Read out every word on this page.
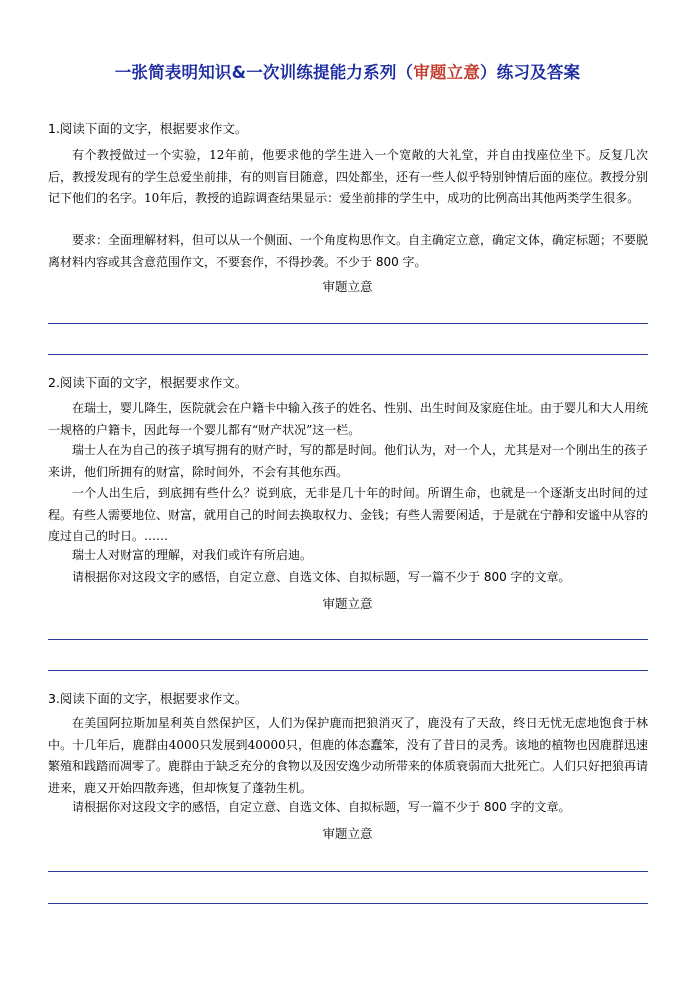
一张简表明知识&一次训练提能力系列（审题立意）练习及答案
1.阅读下面的文字，根据要求作文。

有个教授做过一个实验，12年前，他要求他的学生进入一个宽敞的大礼堂，并自由找座位坐下。反复几次后，教授发现有的学生总爱坐前排，有的则盲目随意，四处都坐，还有一些人似乎特别钟情后面的座位。教授分别记下他们的名字。10年后，教授的追踪调查结果显示：爱坐前排的学生中，成功的比例高出其他两类学生很多。

要求：全面理解材料，但可以从一个侧面、一个角度构思作文。自主确定立意，确定文体，确定标题；不要脱离材料内容或其含意范围作文，不要套作，不得抄袭。不少于 800 字。

审题立意
2.阅读下面的文字，根据要求作文。

在瑞士，婴儿降生，医院就会在户籍卡中输入孩子的姓名、性别、出生时间及家庭住址。由于婴儿和大人用统一规格的户籍卡，因此每一个婴儿都有“财产状况”这一栏。

瑞士人在为自己的孩子填写拥有的财产时，写的都是时间。他们认为，对一个人，尤其是对一个刚出生的孩子来讲，他们所拥有的财富，除时间外，不会有其他东西。

一个人出生后，到底拥有些什么？说到底，无非是几十年的时间。所谓生命，也就是一个逐渐支出时间的过程。有些人需要地位、财富，就用自己的时间去换取权力、金钱；有些人需要闲适，于是就在宁静和安谧中从容的度过自己的时日。……

瑞士人对财富的理解，对我们或许有所启迪。

请根据你对这段文字的感悟，自定立意、自选文体、自拟标题，写一篇不少于 800 字的文章。

审题立意
3.阅读下面的文字，根据要求作文。

在美国阿拉斯加星利英自然保护区，人们为保护鹿而把狼消灭了，鹿没有了天敌，终日无忧无虑地饱食于林中。十几年后，鹿群由4000只发展到40000只，但鹿的体态蠢笨，没有了昔日的灵秀。该地的植物也因鹿群迅速繁殖和践踏而凋零了。鹿群由于缺乏充分的食物以及因安逸少动所带来的体质衰弱而大批死亡。人们只好把狼再请进来，鹿又开始四散奔逃，但却恢复了蓬勃生机。

请根据你对这段文字的感悟，自定立意、自选文体、自拟标题，写一篇不少于 800 字的文章。

审题立意
